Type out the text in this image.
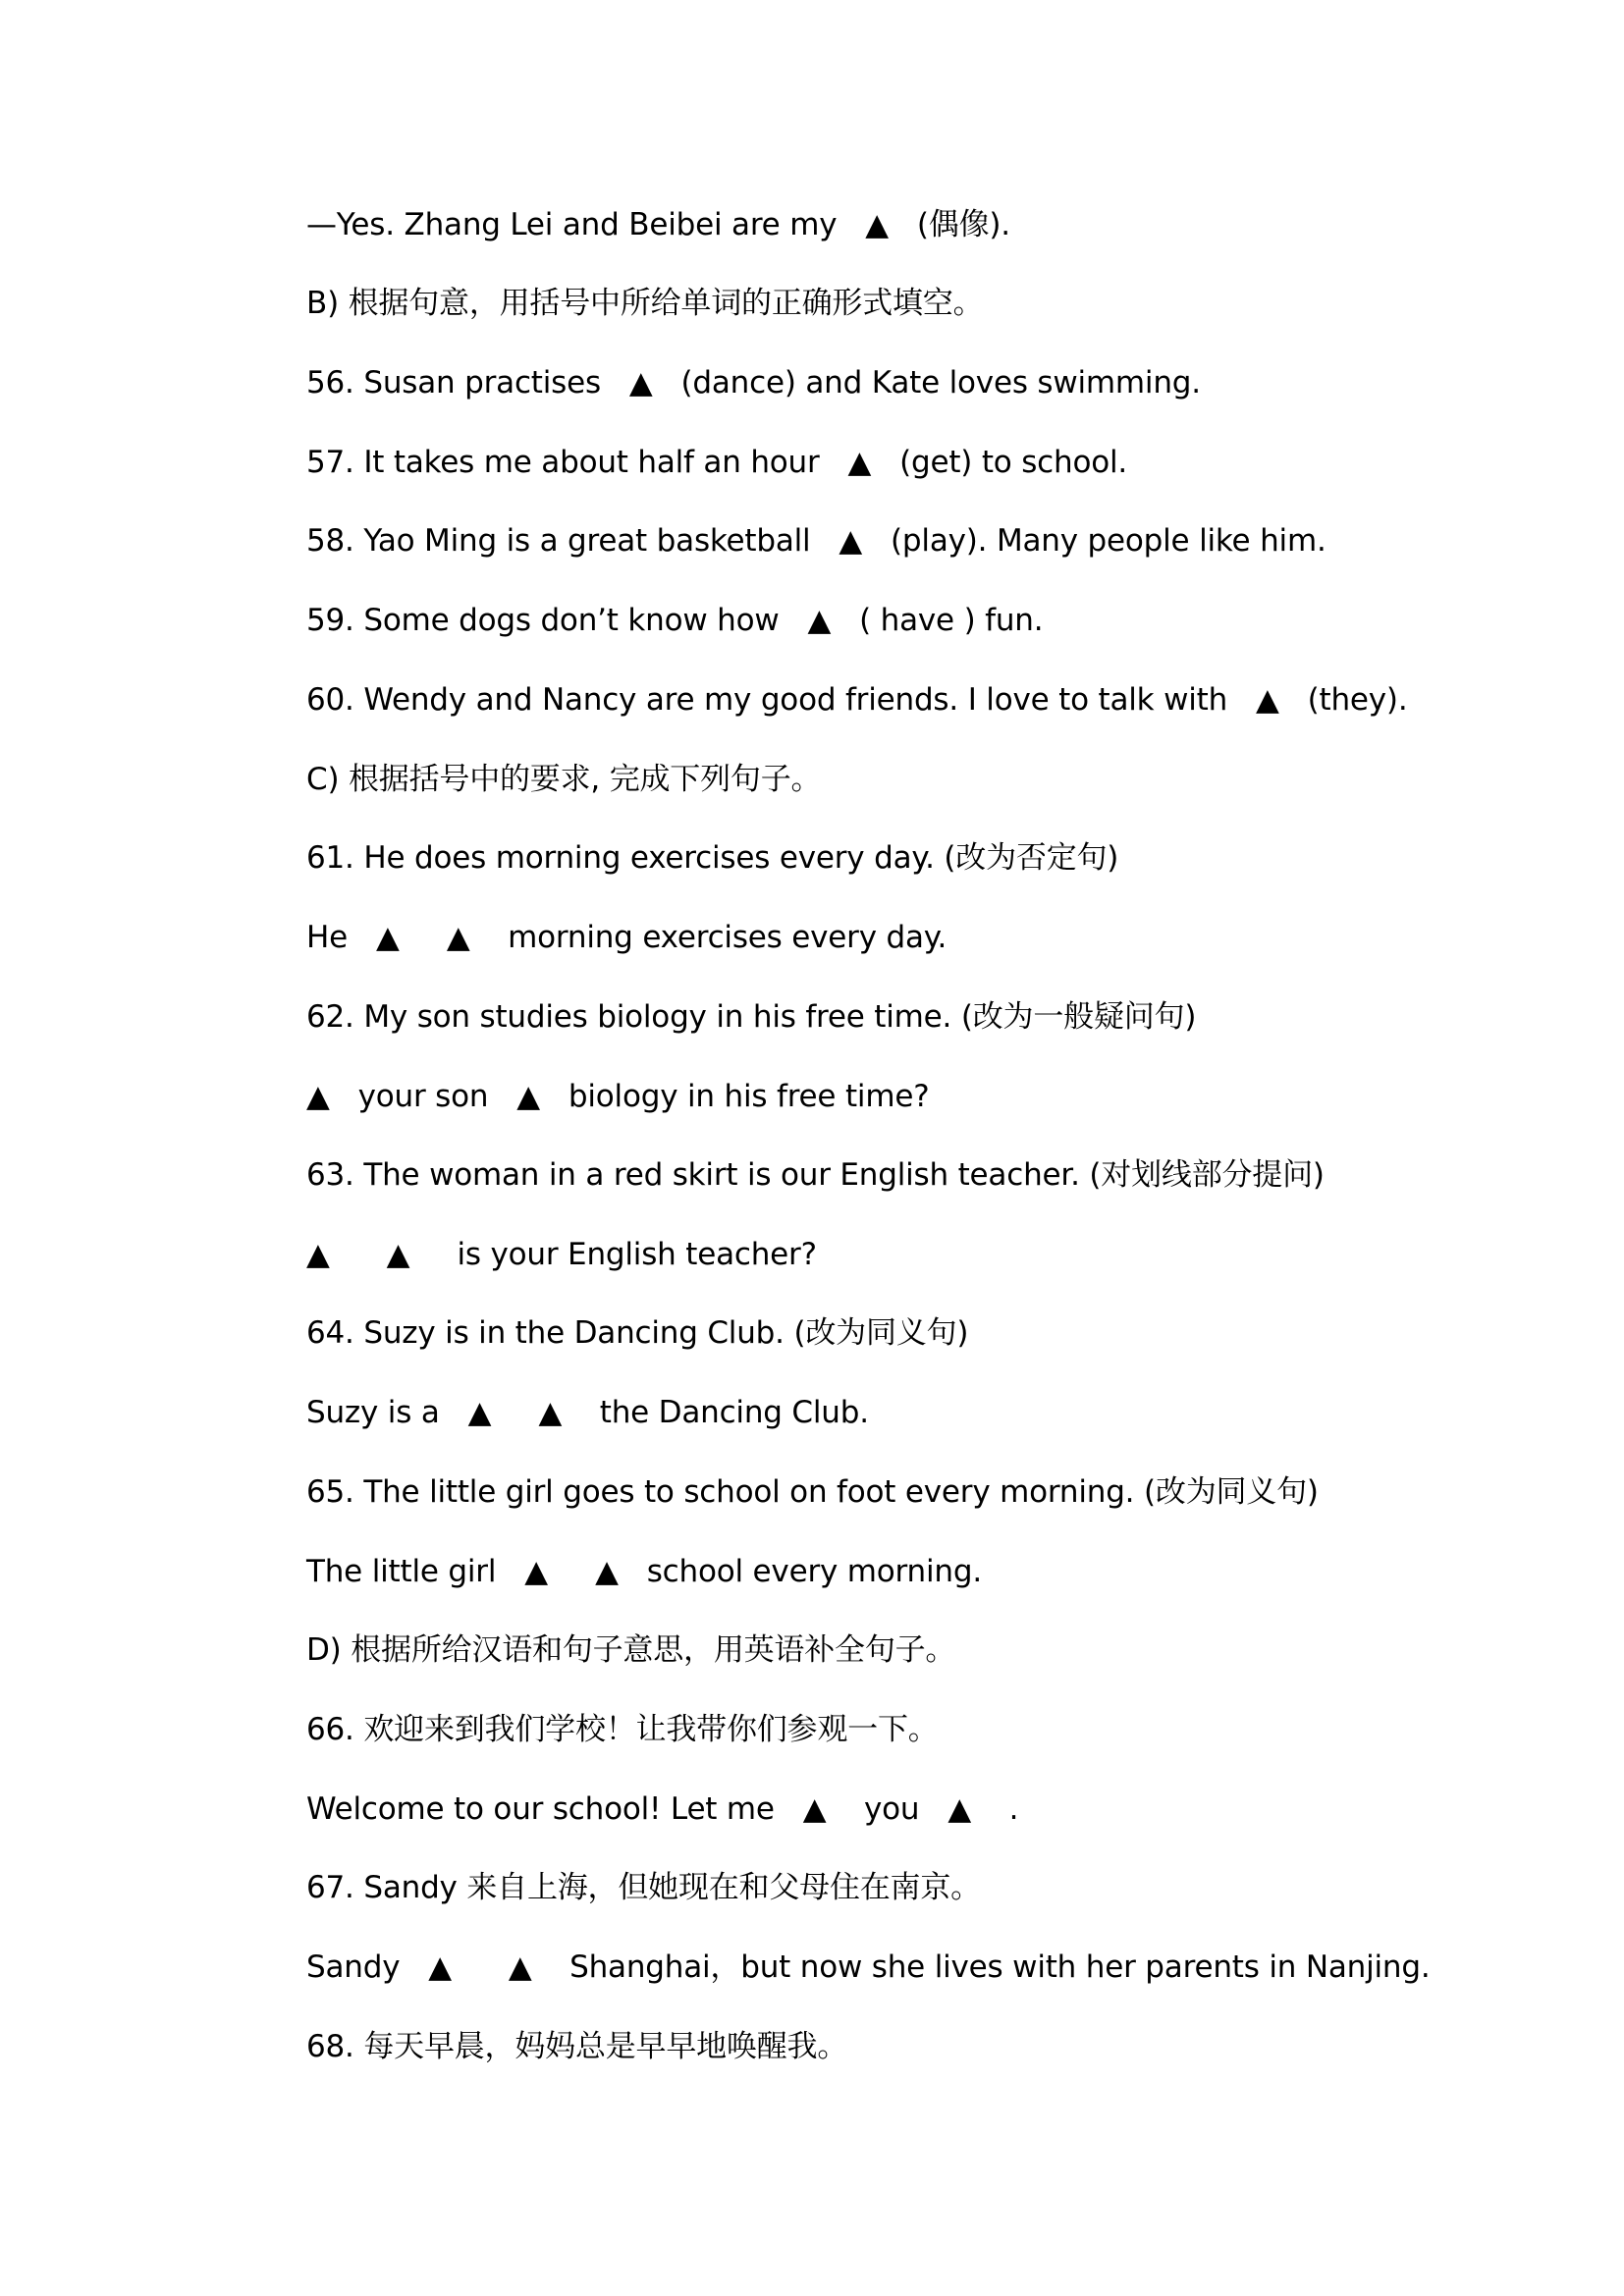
—Yes. Zhang Lei and Beibei are my   ▲   (偶像).
B) 根据句意，用括号中所给单词的正确形式填空。
56. Susan practises   ▲   (dance) and Kate loves swimming.
57. It takes me about half an hour   ▲   (get) to school.
58. Yao Ming is a great basketball   ▲   (play). Many people like him.
59. Some dogs don’t know how   ▲   ( have ) fun.
60. Wendy and Nancy are my good friends. I love to talk with   ▲   (they).
C) 根据括号中的要求, 完成下列句子。
61. He does morning exercises every day. (改为否定句)
He   ▲     ▲    morning exercises every day.
62. My son studies biology in his free time. (改为一般疑问句)
▲   your son   ▲   biology in his free time?
63. The woman in a red skirt is our English teacher. (对划线部分提问)
▲      ▲     is your English teacher?
64. Suzy is in the Dancing Club. (改为同义句)
Suzy is a   ▲     ▲    the Dancing Club.
65. The little girl goes to school on foot every morning. (改为同义句)
The little girl   ▲     ▲   school every morning.
D) 根据所给汉语和句子意思，用英语补全句子。
66. 欢迎来到我们学校！让我带你们参观一下。
Welcome to our school! Let me   ▲    you   ▲    .
67. Sandy 来自上海，但她现在和父母住在南京。
Sandy   ▲      ▲    Shanghai，but now she lives with her parents in Nanjing.
68. 每天早晨，妈妈总是早早地唤醒我。
